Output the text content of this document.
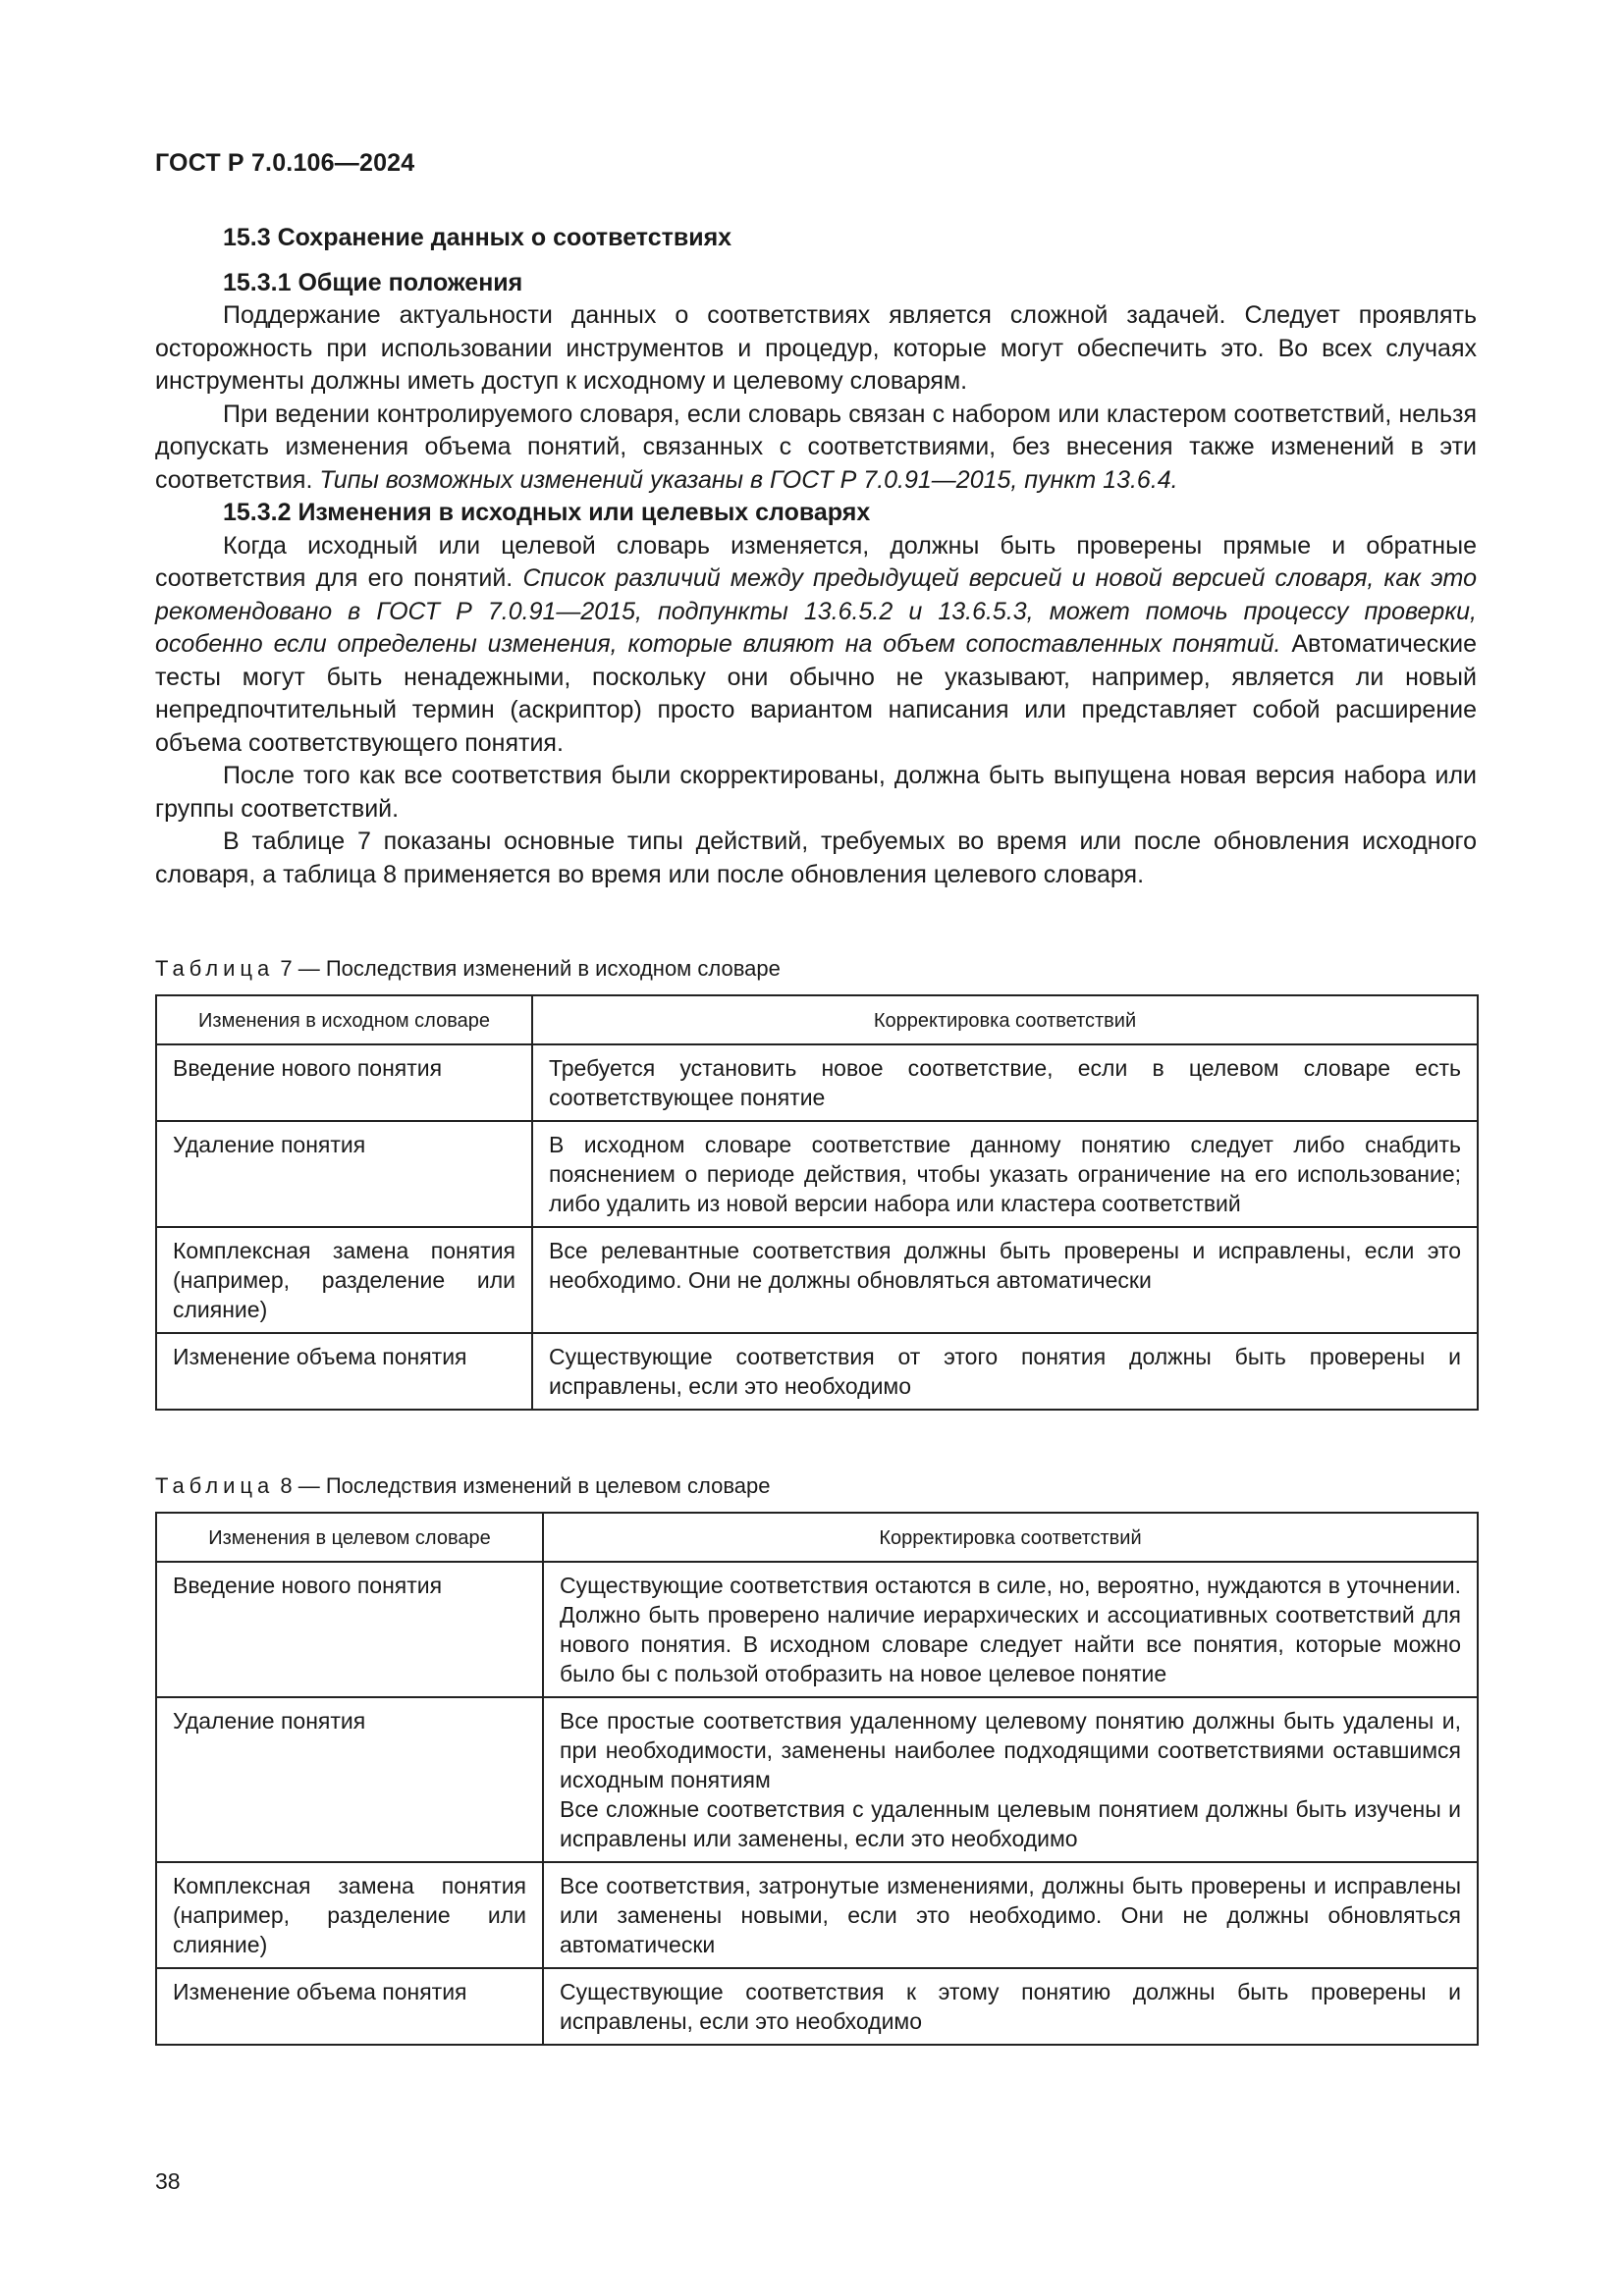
ГОСТ Р 7.0.106—2024
15.3 Сохранение данных о соответствиях
15.3.1 Общие положения

Поддержание актуальности данных о соответствиях является сложной задачей. Следует проявлять осторожность при использовании инструментов и процедур, которые могут обеспечить это. Во всех случаях инструменты должны иметь доступ к исходному и целевому словарям.

При ведении контролируемого словаря, если словарь связан с набором или кластером соответствий, нельзя допускать изменения объема понятий, связанных с соответствиями, без внесения также изменений в эти соответствия. Типы возможных изменений указаны в ГОСТ Р 7.0.91—2015, пункт 13.6.4.

15.3.2 Изменения в исходных или целевых словарях

Когда исходный или целевой словарь изменяется, должны быть проверены прямые и обратные соответствия для его понятий. Список различий между предыдущей версией и новой версией словаря, как это рекомендовано в ГОСТ Р 7.0.91—2015, подпункты 13.6.5.2 и 13.6.5.3, может помочь процессу проверки, особенно если определены изменения, которые влияют на объем сопоставленных понятий. Автоматические тесты могут быть ненадежными, поскольку они обычно не указывают, например, является ли новый непредпочтительный термин (аскриптор) просто вариантом написания или представляет собой расширение объема соответствующего понятия.

После того как все соответствия были скорректированы, должна быть выпущена новая версия набора или группы соответствий.

В таблице 7 показаны основные типы действий, требуемых во время или после обновления исходного словаря, а таблица 8 применяется во время или после обновления целевого словаря.

Таблица 7 — Последствия изменений в исходном словаре
Изменения в исходном словаре	Корректировка соответствий
Введение нового понятия	Требуется установить новое соответствие, если в целевом словаре есть соответствующее понятие
Удаление понятия	В исходном словаре соответствие данному понятию следует либо снабдить пояснением о периоде действия, чтобы указать ограничение на его использование; либо удалить из новой версии набора или кластера соответствий
Комплексная замена понятия (например, разделение или слияние)	Все релевантные соответствия должны быть проверены и исправлены, если это необходимо. Они не должны обновляться автоматически
Изменение объема понятия	Существующие соответствия от этого понятия должны быть проверены и исправлены, если это необходимо
Таблица 8 — Последствия изменений в целевом словаре
Изменения в целевом словаре	Корректировка соответствий
Введение нового понятия	Существующие соответствия остаются в силе, но, вероятно, нуждаются в уточнении. Должно быть проверено наличие иерархических и ассоциативных соответствий для нового понятия. В исходном словаре следует найти все понятия, которые можно было бы с пользой отобразить на новое целевое понятие
Удаление понятия	Все простые соответствия удаленному целевому понятию должны быть удалены и, при необходимости, заменены наиболее подходящими соответствиями оставшимся исходным понятиям
Все сложные соответствия с удаленным целевым понятием должны быть изучены и исправлены или заменены, если это необходимо

Комплексная замена понятия (например, разделение или слияние)	Все соответствия, затронутые изменениями, должны быть проверены и исправлены или заменены новыми, если это необходимо. Они не должны обновляться автоматически
Изменение объема понятия	Существующие соответствия к этому понятию должны быть проверены и исправлены, если это необходимо
38
